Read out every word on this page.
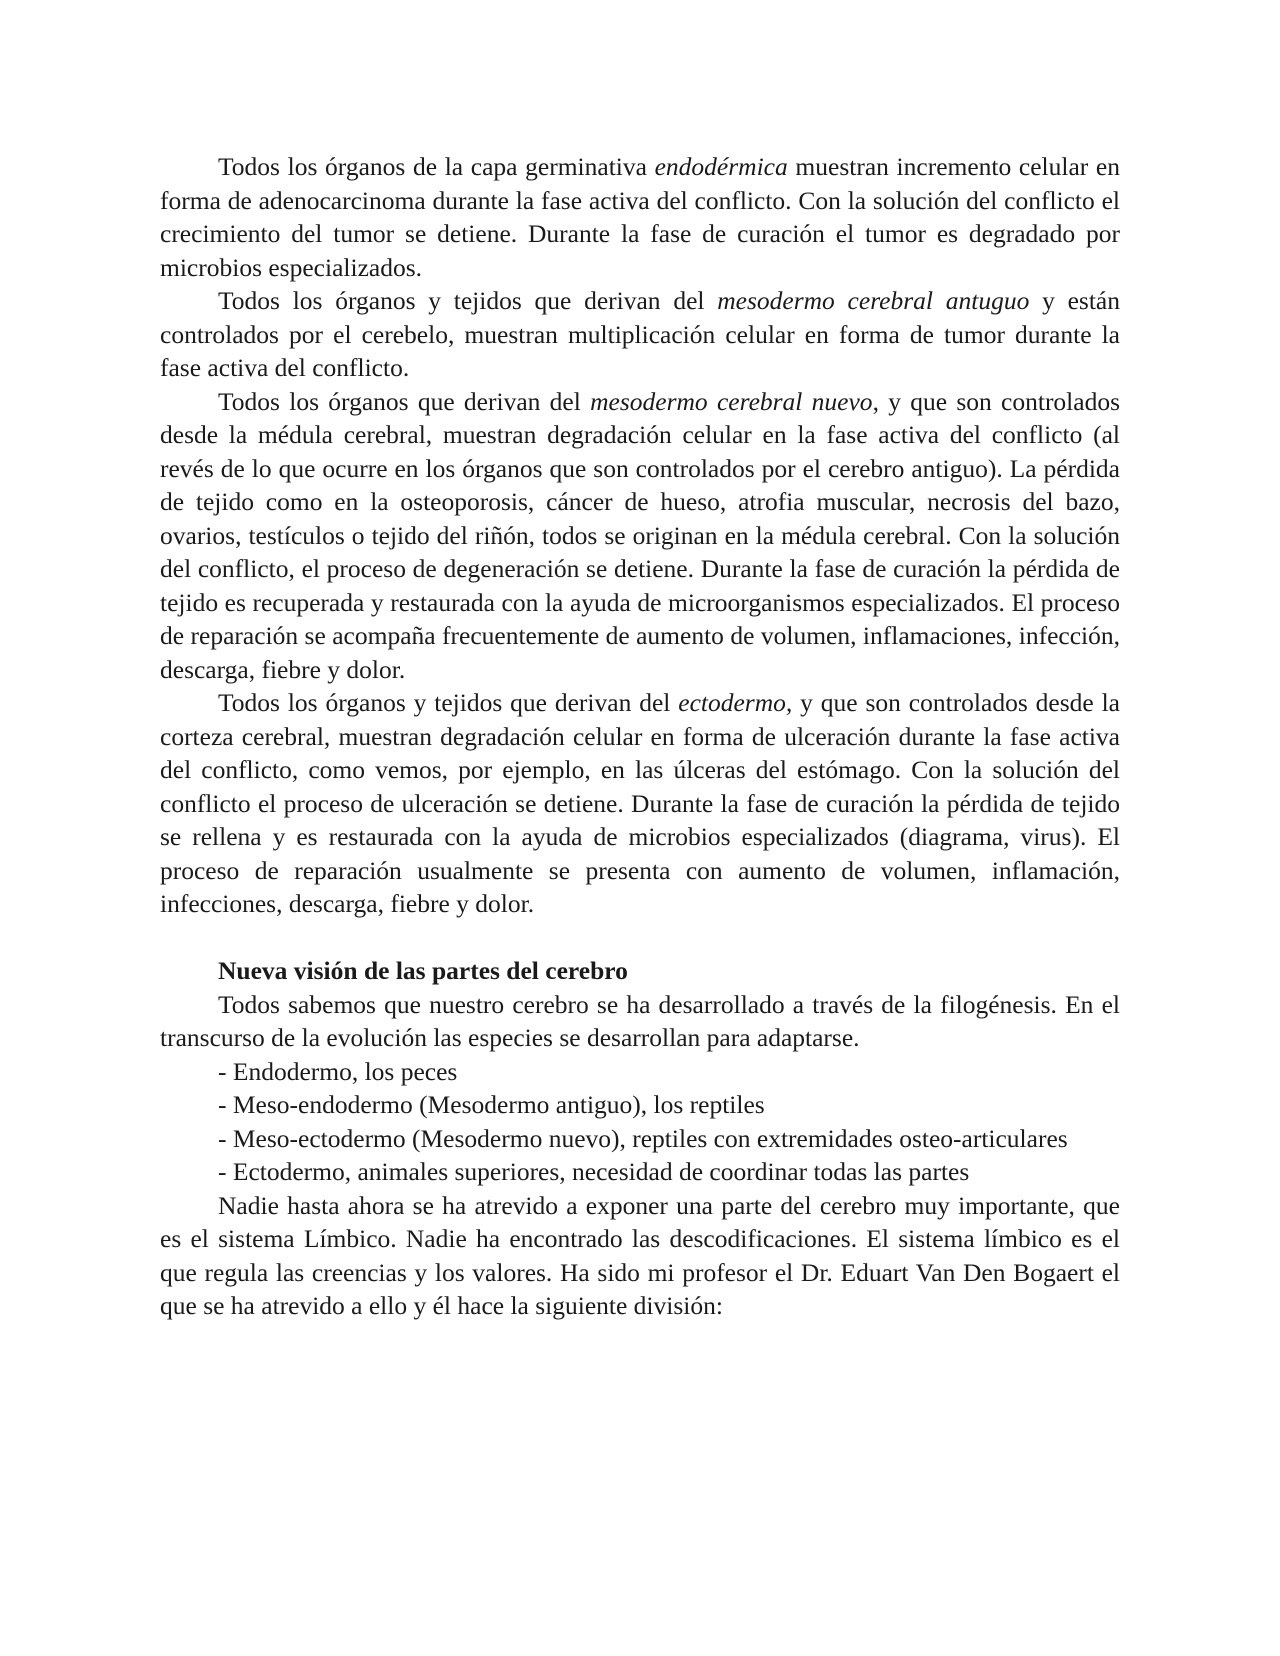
Todos los órganos de la capa germinativa endodérmica muestran incremento celular en forma de adenocarcinoma durante la fase activa del conflicto. Con la solución del conflicto el crecimiento del tumor se detiene. Durante la fase de curación el tumor es degradado por microbios especializados.

Todos los órganos y tejidos que derivan del mesodermo cerebral antuguo y están controlados por el cerebelo, muestran multiplicación celular en forma de tumor durante la fase activa del conflicto.

Todos los órganos que derivan del mesodermo cerebral nuevo, y que son controlados desde la médula cerebral, muestran degradación celular en la fase activa del conflicto (al revés de lo que ocurre en los órganos que son controlados por el cerebro antiguo). La pérdida de tejido como en la osteoporosis, cáncer de hueso, atrofia muscular, necrosis del bazo, ovarios, testículos o tejido del riñón, todos se originan en la médula cerebral. Con la solución del conflicto, el proceso de degeneración se detiene. Durante la fase de curación la pérdida de tejido es recuperada y restaurada con la ayuda de microorganismos especializados. El proceso de reparación se acompaña frecuentemente de aumento de volumen, inflamaciones, infección, descarga, fiebre y dolor.

Todos los órganos y tejidos que derivan del ectodermo, y que son controlados desde la corteza cerebral, muestran degradación celular en forma de ulceración durante la fase activa del conflicto, como vemos, por ejemplo, en las úlceras del estómago. Con la solución del conflicto el proceso de ulceración se detiene. Durante la fase de curación la pérdida de tejido se rellena y es restaurada con la ayuda de microbios especializados (diagrama, virus). El proceso de reparación usualmente se presenta con aumento de volumen, inflamación, infecciones, descarga, fiebre y dolor.

Nueva visión de las partes del cerebro

Todos sabemos que nuestro cerebro se ha desarrollado a través de la filogénesis. En el transcurso de la evolución las especies se desarrollan para adaptarse.

- Endodermo, los peces

- Meso-endodermo (Mesodermo antiguo), los reptiles

- Meso-ectodermo (Mesodermo nuevo), reptiles con extremidades osteo-articulares

- Ectodermo, animales superiores, necesidad de coordinar todas las partes

Nadie hasta ahora se ha atrevido a exponer una parte del cerebro muy importante, que es el sistema Límbico. Nadie ha encontrado las descodificaciones. El sistema límbico es el que regula las creencias y los valores. Ha sido mi profesor el Dr. Eduart Van Den Bogaert el que se ha atrevido a ello y él hace la siguiente división:
